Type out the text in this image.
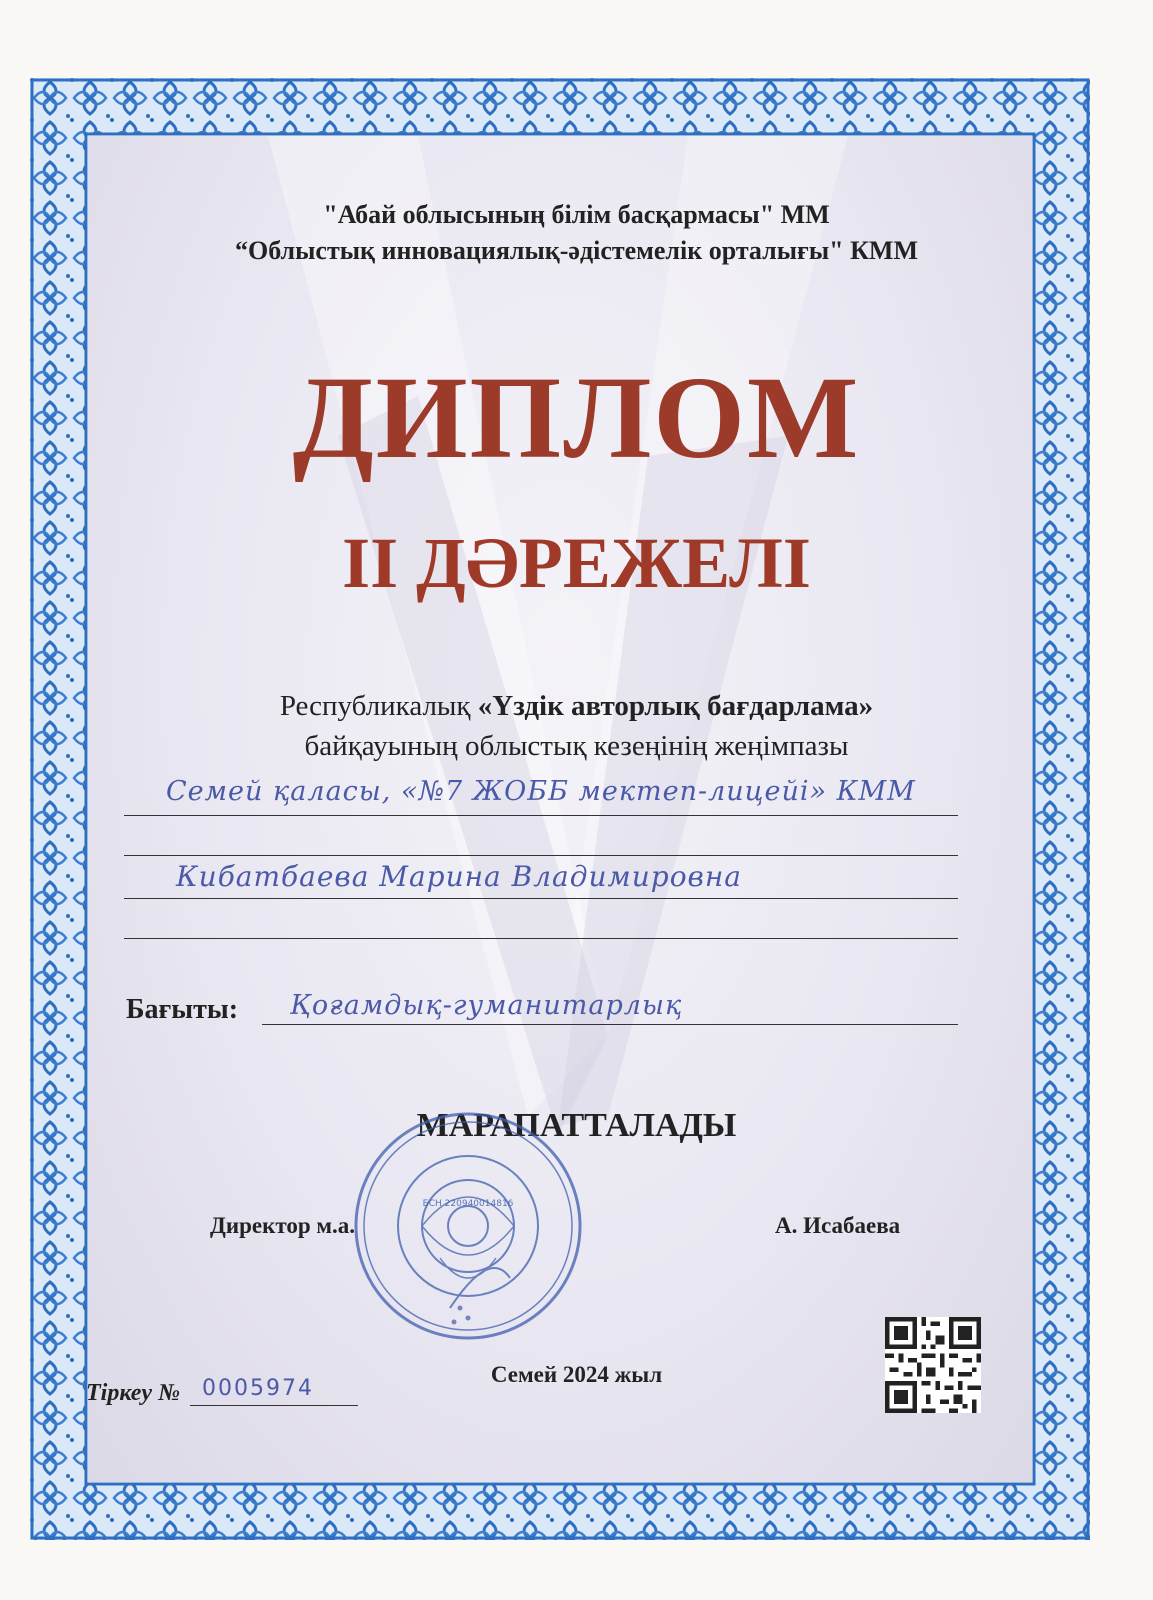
"Абай облысының білім басқармасы" ММ
“Облыстық инновациялық-әдістемелік орталығы" КММ
ДИПЛОМ
II ДӘРЕЖЕЛІ
Республикалық «Үздік авторлық бағдарлама»
байқауының облыстық кезеңінің жеңімпазы
Семей қаласы, «№7 ЖОББ мектеп-лицейі» КММ
Кибатбаева Марина Владимировна
Бағыты: Қоғамдық-гуманитарлық
МАРАПАТТАЛАДЫ
БСН 220940014816
Директор м.а.	А. Исабаева
Семей 2024 жыл
Тіркеу № 0005974
